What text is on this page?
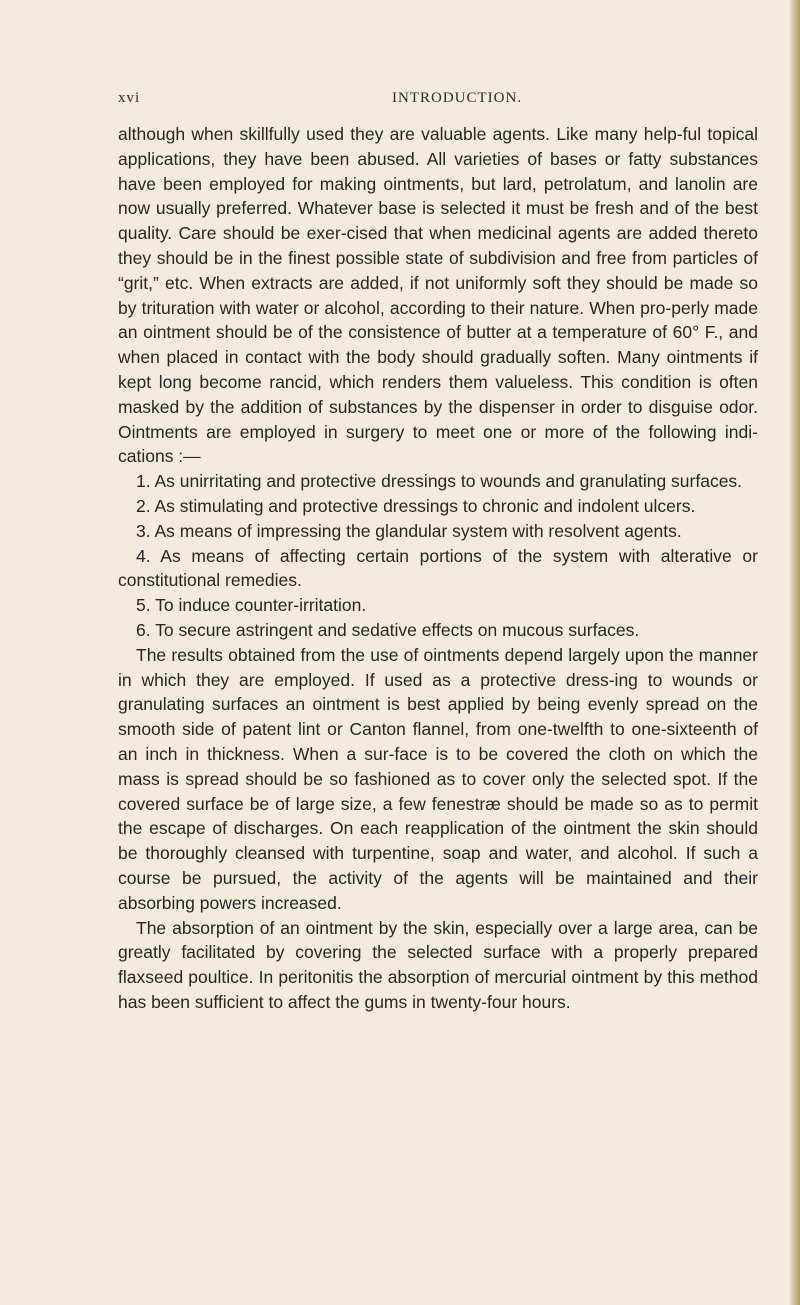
xvi	INTRODUCTION.

although when skillfully used they are valuable agents. Like many help-ful topical applications, they have been abused. All varieties of bases or fatty substances have been employed for making ointments, but lard, petrolatum, and lanolin are now usually preferred. Whatever base is selected it must be fresh and of the best quality. Care should be exer-cised that when medicinal agents are added thereto they should be in the finest possible state of subdivision and free from particles of “grit,” etc. When extracts are added, if not uniformly soft they should be made so by trituration with water or alcohol, according to their nature. When pro-perly made an ointment should be of the consistence of butter at a temperature of 60° F., and when placed in contact with the body should gradually soften. Many ointments if kept long become rancid, which renders them valueless. This condition is often masked by the addition of substances by the dispenser in order to disguise odor. Ointments are employed in surgery to meet one or more of the following indi-cations :—

1. As unirritating and protective dressings to wounds and granulating surfaces.

2. As stimulating and protective dressings to chronic and indolent ulcers.

3. As means of impressing the glandular system with resolvent agents.

4. As means of affecting certain portions of the system with alterative or constitutional remedies.

5. To induce counter-irritation.

6. To secure astringent and sedative effects on mucous surfaces.

The results obtained from the use of ointments depend largely upon the manner in which they are employed. If used as a protective dress-ing to wounds or granulating surfaces an ointment is best applied by being evenly spread on the smooth side of patent lint or Canton flannel, from one-twelfth to one-sixteenth of an inch in thickness. When a sur-face is to be covered the cloth on which the mass is spread should be so fashioned as to cover only the selected spot. If the covered surface be of large size, a few fenestræ should be made so as to permit the escape of discharges. On each reapplication of the ointment the skin should be thoroughly cleansed with turpentine, soap and water, and alcohol. If such a course be pursued, the activity of the agents will be maintained and their absorbing powers increased.

The absorption of an ointment by the skin, especially over a large area, can be greatly facilitated by covering the selected surface with a properly prepared flaxseed poultice. In peritonitis the absorption of mercurial ointment by this method has been sufficient to affect the gums in twenty-four hours.
